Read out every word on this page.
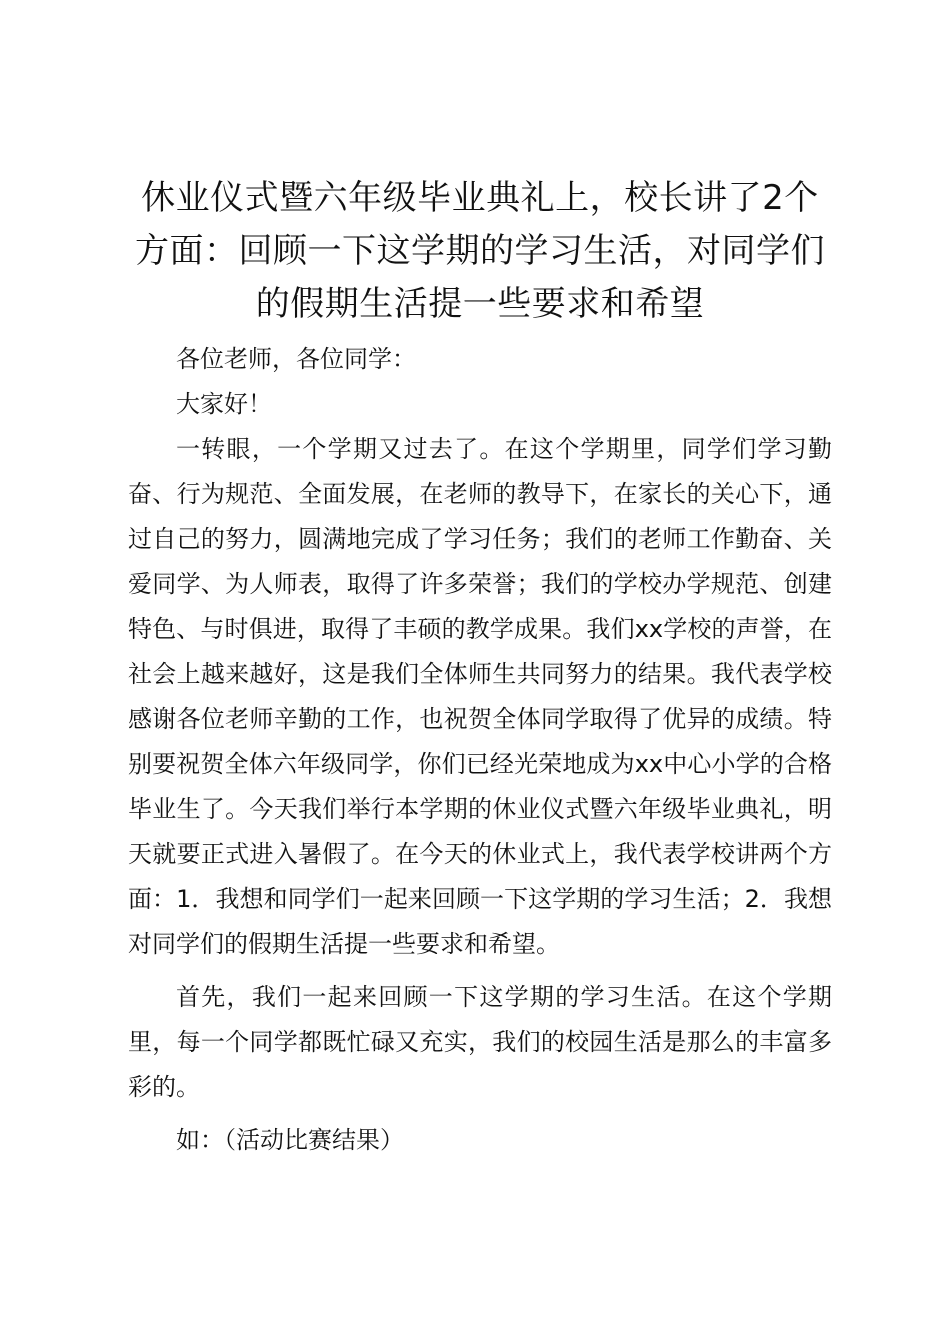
休业仪式暨六年级毕业典礼上，校长讲了2个方面：回顾一下这学期的学习生活，对同学们的假期生活提一些要求和希望

各位老师，各位同学：

大家好！

一转眼，一个学期又过去了。在这个学期里，同学们学习勤奋、行为规范、全面发展，在老师的教导下，在家长的关心下，通过自己的努力，圆满地完成了学习任务；我们的老师工作勤奋、关爱同学、为人师表，取得了许多荣誉；我们的学校办学规范、创建特色、与时俱进，取得了丰硕的教学成果。我们xx学校的声誉，在社会上越来越好，这是我们全体师生共同努力的结果。我代表学校感谢各位老师辛勤的工作，也祝贺全体同学取得了优异的成绩。特别要祝贺全体六年级同学，你们已经光荣地成为xx中心小学的合格毕业生了。今天我们举行本学期的休业仪式暨六年级毕业典礼，明天就要正式进入暑假了。在今天的休业式上，我代表学校讲两个方面：1．我想和同学们一起来回顾一下这学期的学习生活；2．我想对同学们的假期生活提一些要求和希望。

首先，我们一起来回顾一下这学期的学习生活。在这个学期里，每一个同学都既忙碌又充实，我们的校园生活是那么的丰富多彩的。

如：（活动比赛结果）
